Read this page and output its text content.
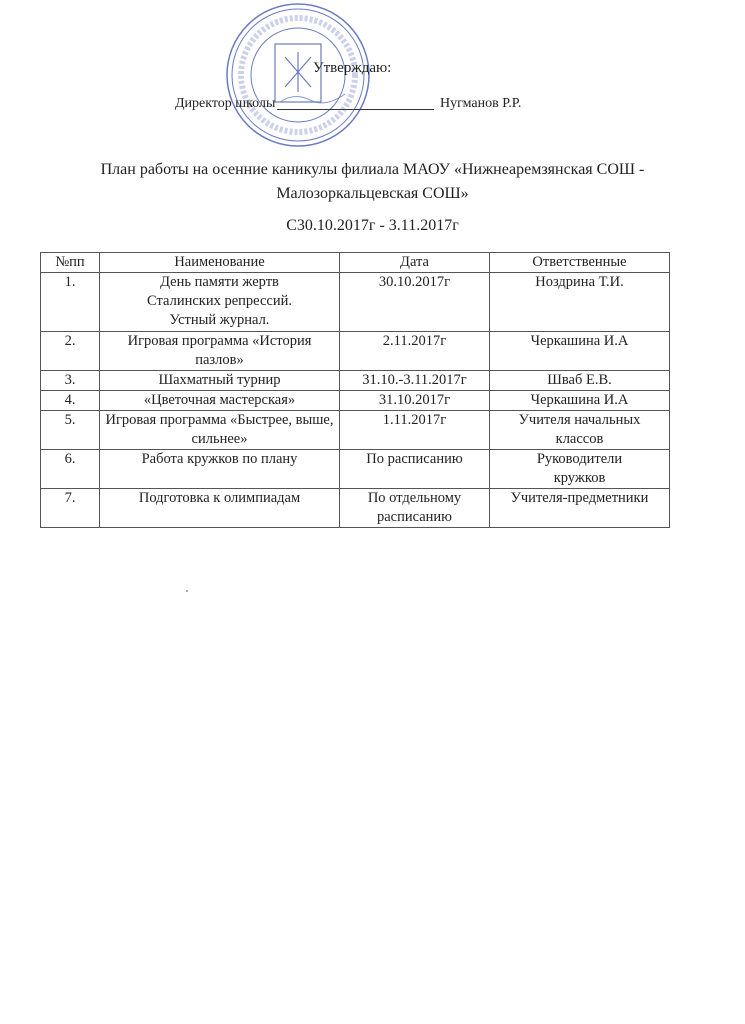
Утверждаю:
Директор школы	Нугманов Р.Р.
План работы на осенние каникулы филиала МАОУ «Нижнеаремзянская СОШ -
Малозоркальцевская СОШ»
С30.10.2017г - 3.11.2017г
№пп	Наименование	Дата	Ответственные
1.	День памяти жертв Сталинских репрессий. Устный журнал.	30.10.2017г	Ноздрина Т.И.
2.	Игровая программа «История пазлов»	2.11.2017г	Черкашина И.А
3.	Шахматный турнир	31.10.-3.11.2017г	Шваб Е.В.
4.	«Цветочная мастерская»	31.10.2017г	Черкашина И.А
5.	Игровая программа «Быстрее, выше, сильнее»	1.11.2017г	Учителя начальных классов
6.	Работа кружков по плану	По расписанию	Руководители кружков
7.	Подготовка к олимпиадам	По отдельному расписанию	Учителя-предметники
